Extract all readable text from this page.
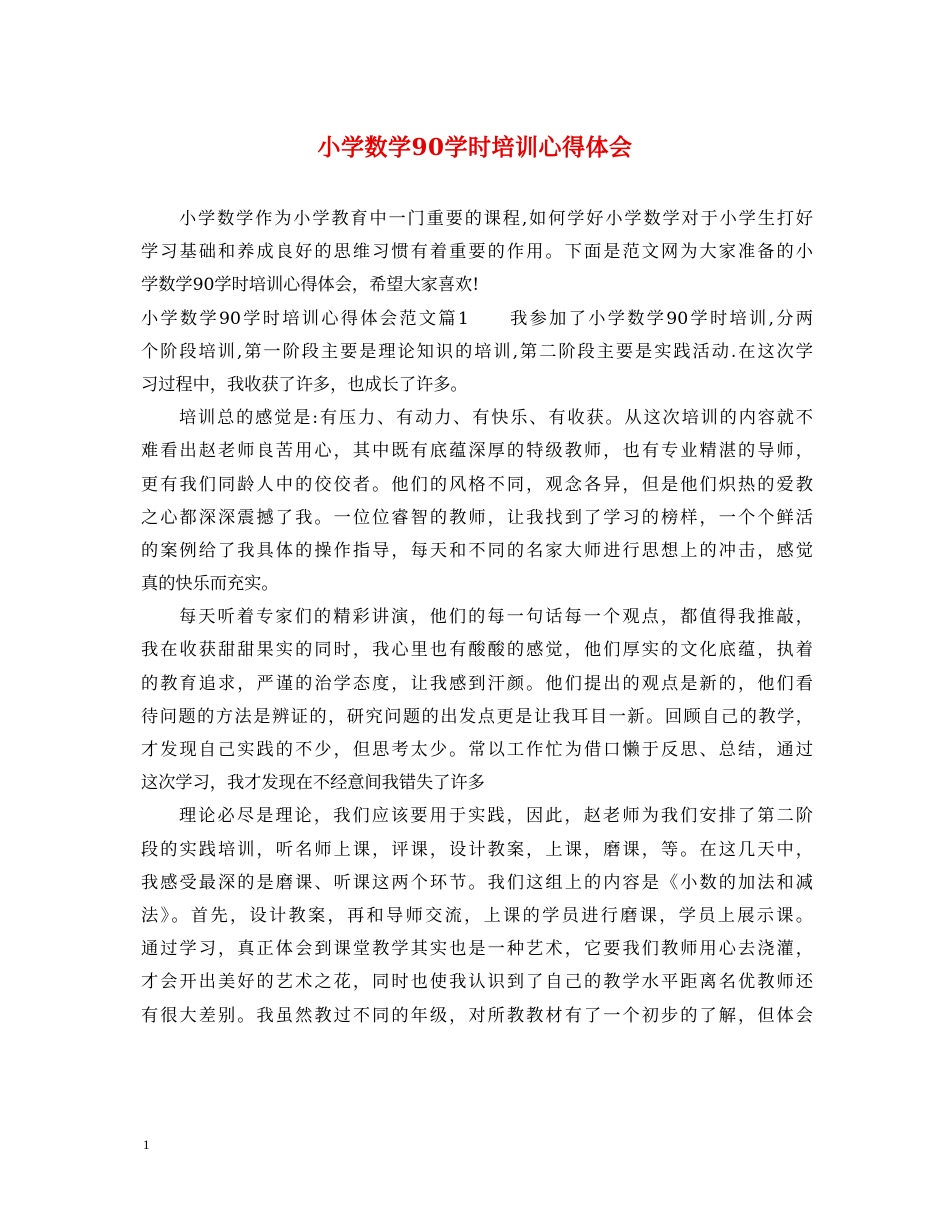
小学数学90学时培训心得体会
小学数学作为小学教育中一门重要的课程,如何学好小学数学对于小学生打好
学习基础和养成良好的思维习惯有着重要的作用。下面是范文网为大家准备的小
学数学90学时培训心得体会，希望大家喜欢!
小学数学90学时培训心得体会范文篇1　　我参加了小学数学90学时培训,分两
个阶段培训,第一阶段主要是理论知识的培训,第二阶段主要是实践活动.在这次学
习过程中，我收获了许多，也成长了许多。
培训总的感觉是:有压力、有动力、有快乐、有收获。从这次培训的内容就不
难看出赵老师良苦用心，其中既有底蕴深厚的特级教师，也有专业精湛的导师，
更有我们同龄人中的佼佼者。他们的风格不同，观念各异，但是他们炽热的爱教
之心都深深震撼了我。一位位睿智的教师，让我找到了学习的榜样，一个个鲜活
的案例给了我具体的操作指导，每天和不同的名家大师进行思想上的冲击，感觉
真的快乐而充实。
每天听着专家们的精彩讲演，他们的每一句话每一个观点，都值得我推敲，
我在收获甜甜果实的同时，我心里也有酸酸的感觉，他们厚实的文化底蕴，执着
的教育追求，严谨的治学态度，让我感到汗颜。他们提出的观点是新的，他们看
待问题的方法是辨证的，研究问题的出发点更是让我耳目一新。回顾自己的教学，
才发现自己实践的不少，但思考太少。常以工作忙为借口懒于反思、总结，通过
这次学习，我才发现在不经意间我错失了许多
理论必尽是理论，我们应该要用于实践，因此，赵老师为我们安排了第二阶
段的实践培训，听名师上课，评课，设计教案，上课，磨课，等。在这几天中，
我感受最深的是磨课、听课这两个环节。我们这组上的内容是《小数的加法和减
法》。首先，设计教案，再和导师交流，上课的学员进行磨课，学员上展示课。
通过学习，真正体会到课堂教学其实也是一种艺术，它要我们教师用心去浇灌，
才会开出美好的艺术之花，同时也使我认识到了自己的教学水平距离名优教师还
有很大差别。我虽然教过不同的年级，对所教教材有了一个初步的了解，但体会
1
